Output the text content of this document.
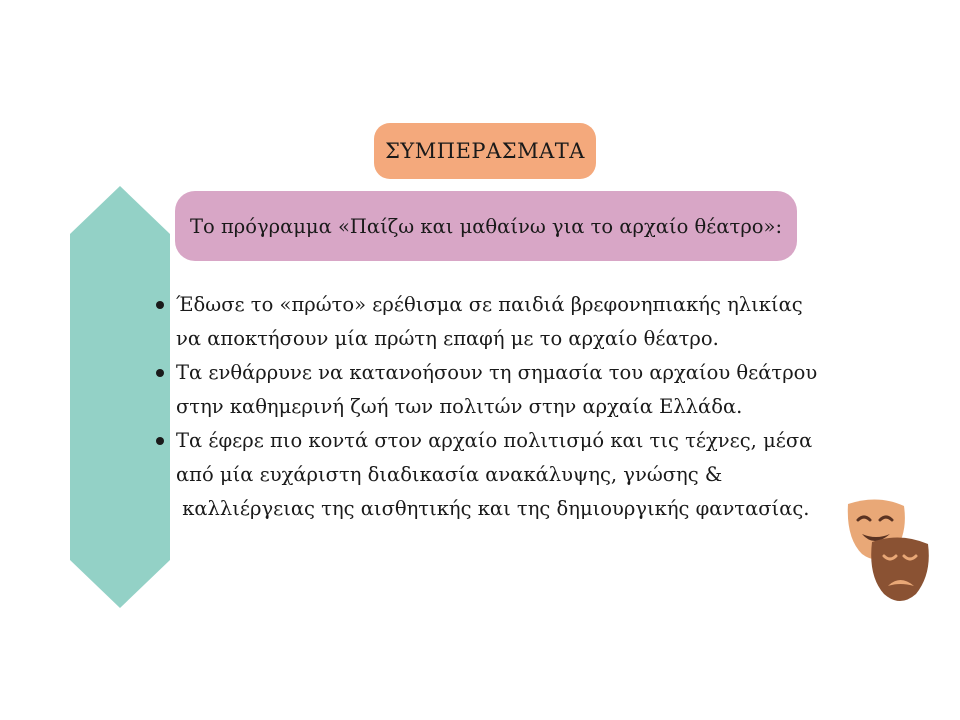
ΣΥΜΠΕΡΑΣΜΑΤΑ
Το πρόγραμμα «Παίζω και μαθαίνω για το αρχαίο θέατρο»:
Έδωσε το «πρώτο» ερέθισμα σε παιδιά βρεφονηπιακής ηλικίας
να αποκτήσουν μία πρώτη επαφή με το αρχαίο θέατρο.
Τα ενθάρρυνε να κατανοήσουν τη σημασία του αρχαίου θεάτρου
στην καθημερινή ζωή των πολιτών στην αρχαία Ελλάδα.
Τα έφερε πιο κοντά στον αρχαίο πολιτισμό και τις τέχνες, μέσα
από μία ευχάριστη διαδικασία ανακάλυψης, γνώσης &
καλλιέργειας της αισθητικής και της δημιουργικής φαντασίας.
